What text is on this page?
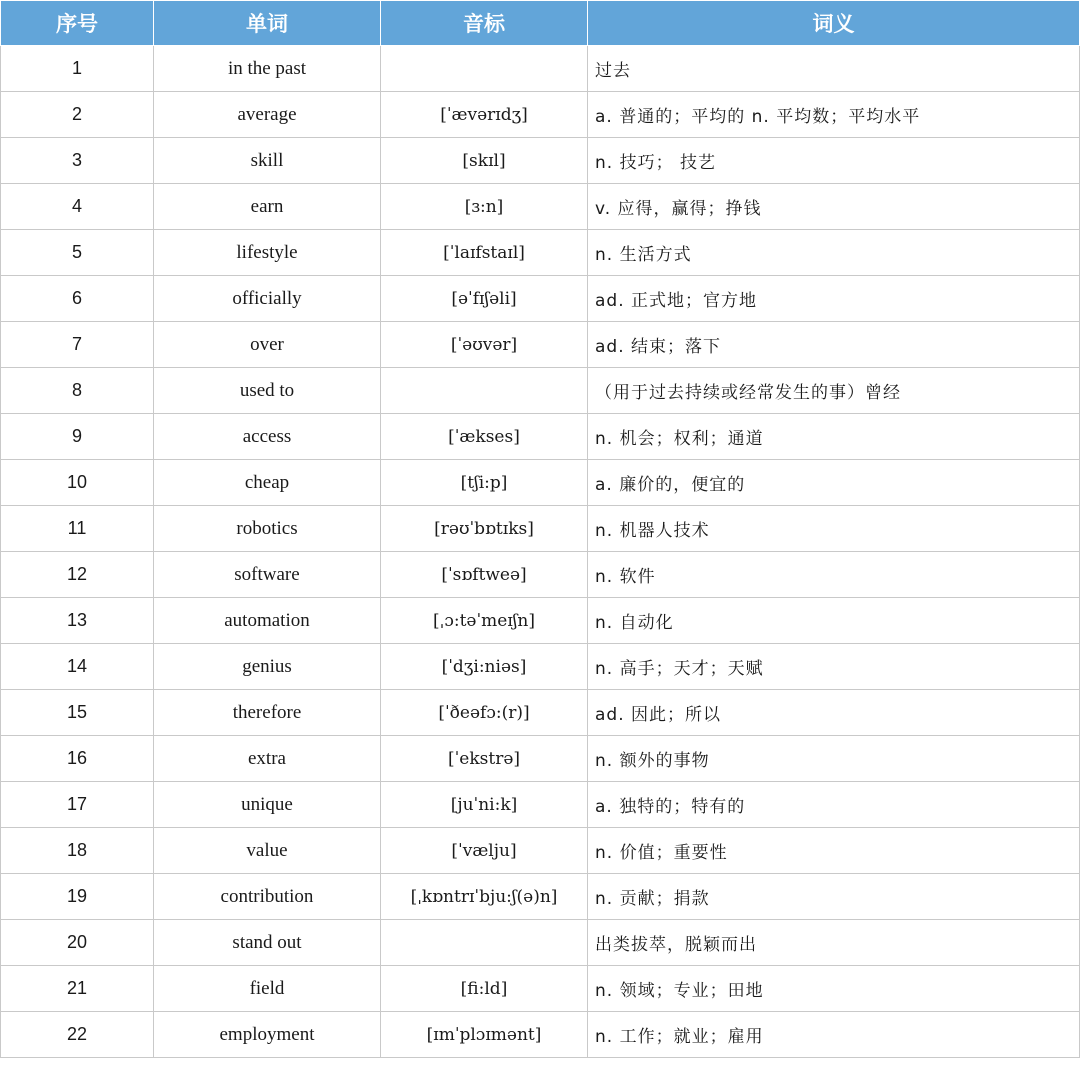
序号	单词	音标	词义
1	in the past		过去
2	average	[ˈævərɪdʒ]	a. 普通的；平均的 n. 平均数；平均水平
3	skill	[skɪl]	n. 技巧； 技艺
4	earn	[ɜ:n]	v. 应得，赢得；挣钱
5	lifestyle	[ˈlaɪfstaɪl]	n. 生活方式
6	officially	[əˈfɪʃəli]	ad. 正式地；官方地
7	over	[ˈəʊvər]	ad. 结束；落下
8	used to		（用于过去持续或经常发生的事）曾经
9	access	[ˈækses]	n. 机会；权利；通道
10	cheap	[tʃi:p]	a. 廉价的，便宜的
11	robotics	[rəʊˈbɒtɪks]	n. 机器人技术
12	software	[ˈsɒftweə]	n. 软件
13	automation	[ˌɔ:təˈmeɪʃn]	n. 自动化
14	genius	[ˈdʒi:niəs]	n. 高手；天才；天赋
15	therefore	[ˈðeəfɔ:(r)]	ad. 因此；所以
16	extra	[ˈekstrə]	n. 额外的事物
17	unique	[juˈni:k]	a. 独特的；特有的
18	value	[ˈvælju]	n. 价值；重要性
19	contribution	[ˌkɒntrɪˈbju:ʃ(ə)n]	n. 贡献；捐款
20	stand out		出类拔萃，脱颖而出
21	field	[fi:ld]	n. 领域；专业；田地
22	employment	[ɪmˈplɔɪmənt]	n. 工作；就业；雇用
